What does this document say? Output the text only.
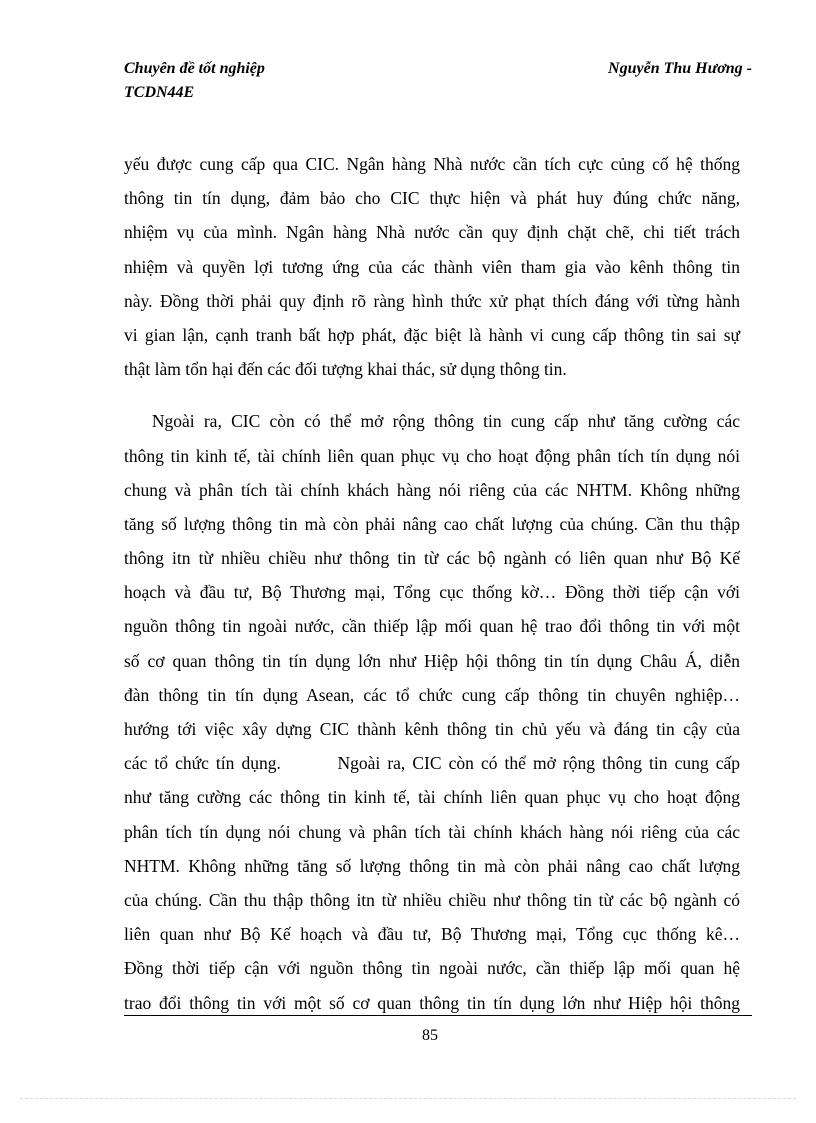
Chuyên đề tốt nghiệp	Nguyễn Thu Hương -
TCDN44E
yếu được cung cấp qua CIC. Ngân hàng Nhà nước cần tích cực củng cố hệ thống
thông tin tín dụng, đảm bảo cho CIC thực hiện và phát huy đúng chức năng,
nhiệm vụ của mình. Ngân hàng Nhà nước cần quy định chặt chẽ, chi tiết trách
nhiệm và quyền lợi tương ứng của các thành viên tham gia vào kênh thông tin
này. Đồng thời phải quy định rõ ràng hình thức xử phạt thích đáng với từng hành
vi gian lận, cạnh tranh bất hợp phát, đặc biệt là hành vi cung cấp thông tin sai sự
thật làm tổn hại đến các đối tượng khai thác, sử dụng thông tin.
Ngoài ra, CIC còn có thể mở rộng thông tin cung cấp như tăng cường các
thông tin kinh tế, tài chính liên quan phục vụ cho hoạt động phân tích tín dụng nói
chung và phân tích tài chính khách hàng nói riêng của các NHTM. Không những
tăng số lượng thông tin mà còn phải nâng cao chất lượng của chúng. Cần thu thập
thông itn từ nhiều chiều như thông tin từ các bộ ngành có liên quan như Bộ Kế
hoạch và đầu tư, Bộ Thương mại, Tổng cục thống kờ… Đồng thời tiếp cận với
nguồn thông tin ngoài nước, cần thiếp lập mối quan hệ trao đổi thông tin với một
số cơ quan thông tin tín dụng lớn như Hiệp hội thông tin tín dụng Châu Á, diễn
đàn thông tin tín dụng Asean, các tổ chức cung cấp thông tin chuyên nghiệp…
hướng tới việc xây dựng CIC thành kênh thông tin chủ yếu và đáng tin cậy của
các tổ chức tín dụng.        Ngoài ra, CIC còn có thể mở rộng thông tin cung cấp
như tăng cường các thông tin kinh tế, tài chính liên quan phục vụ cho hoạt động
phân tích tín dụng nói chung và phân tích tài chính khách hàng nói riêng của các
NHTM. Không những tăng số lượng thông tin mà còn phải nâng cao chất lượng
của chúng. Cần thu thập thông itn từ nhiều chiều như thông tin từ các bộ ngành có
liên quan như Bộ Kế hoạch và đầu tư, Bộ Thương mại, Tổng cục thống kê…
Đồng thời tiếp cận với nguồn thông tin ngoài nước, cần thiếp lập mối quan hệ
trao đổi thông tin với một số cơ quan thông tin tín dụng lớn như Hiệp hội thông
85
